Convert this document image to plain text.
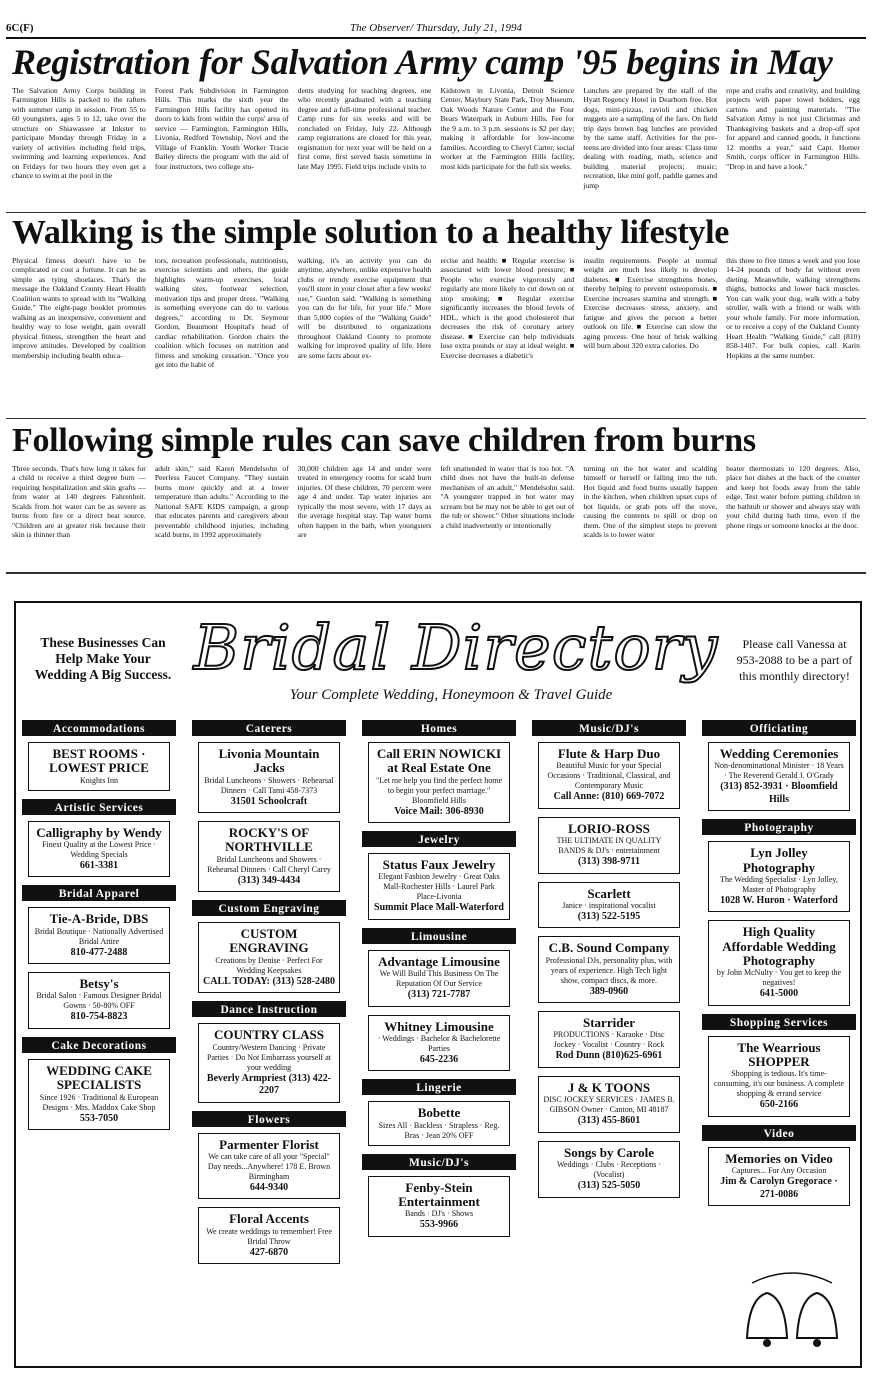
6C(F)	The Observer/ Thursday, July 21, 1994
Registration for Salvation Army camp '95 begins in May

The Salvation Army Corps building in Farmington Hills is packed to the rafters with summer camp in session. From 55 to 60 youngsters, ages 5 to 12, take over the structure on Shiawassee at Inkster to participate Monday through Friday in a variety of activities including field trips, swimming and learning experiences. And on Fridays for two hours they even get a chance to swim at the pool in the

Forest Park Subdivision in Farmington Hills. This marks the sixth year the Farmington Hills facility has opened its doors to kids from within the corps' area of service — Farmington, Farmington Hills, Livonia, Redford Township, Novi and the Village of Franklin. Youth Worker Tracie Bailey directs the program with the aid of four instructors, two college stu-

dents studying for teaching degrees, one who recently graduated with a teaching degree and a full-time professional teacher. Camp runs for six weeks and will be concluded on Friday, July 22. Although camp registrations are closed for this year, registration for next year will be held on a first come, first served basis sometime in late May 1995. Field trips include visits to

Kidstown in Livonia, Detroit Science Center, Maybury State Park, Troy Museum, Oak Woods Nature Center and the Four Bears Waterpark in Auburn Hills. Fee for the 9 a.m. to 3 p.m. sessions is $2 per day; making it affordable for low-income families. According to Cheryl Carter, social worker at the Farmington Hills facility, most kids participate for the full six weeks.

Lunches are prepared by the staff of the Hyatt Regency Hotel in Dearborn free. Hot dogs, mini-pizzas, ravioli and chicken nuggets are a sampling of the fare. On field trip days brown bag lunches are provided by the same staff. Activities for the pre-teens are divided into four areas: Class time dealing with reading, math, science and building material projects; music; recreation, like mini golf, paddle games and jump

rope and crafts and creativity, and building projects with paper towel holders, egg cartons and painting materials. "The Salvation Army is not just Christmas and Thanksgiving baskets and a drop-off spot for apparel and canned goods, it functions 12 months a year," said Capt. Homer Smith, corps officer in Farmington Hills. "Drop in and have a look."

Walking is the simple solution to a healthy lifestyle

Physical fitness doesn't have to be complicated or cost a fortune. It can be as simple as tying shoelaces. That's the message the Oakland County Heart Health Coalition wants to spread with its "Walking Guide." The eight-page booklet promotes walking as an inexpensive, convenient and healthy way to lose weight, gain overall physical fitness, strengthen the heart and improve attitudes. Developed by coalition membership including health educa-

tors, recreation professionals, nutritionists, exercise scientists and others, the guide highlights warm-up exercises, local walking sites, footwear selection, motivation tips and proper dress. "Walking is something everyone can do to various degrees," according to Dr. Seymour Gordon, Beaumont Hospital's head of cardiac rehabilitation. Gordon chairs the coalition which focuses on nutrition and fitness and smoking cessation. "Once you get into the habit of

walking, it's an activity you can do anytime, anywhere, unlike expensive health clubs or trendy exercise equipment that you'll store in your closet after a few weeks' use," Gordon said. "Walking is something you can do for life, for your life." More than 5,000 copies of the "Walking Guide" will be distributed to organizations throughout Oakland County to promote walking for improved quality of life. Here are some facts about ex-

ercise and health: ■ Regular exercise is associated with lower blood pressure; ■ People who exercise vigorously and regularly are more likely to cut down on or stop smoking; ■ Regular exercise significantly increases the blood levels of HDL, which is the good cholesterol that decreases the risk of coronary artery disease. ■ Exercise can help individuals lose extra pounds or stay at ideal weight. ■ Exercise decreases a diabetic's

insulin requirements. People at normal weight are much less likely to develop diabetes. ■ Exercise strengthens bones, thereby helping to prevent osteoporosis. ■ Exercise increases stamina and strength. ■ Exercise decreases stress, anxiety, and fatigue and gives the person a better outlook on life. ■ Exercise can slow the aging process. One hour of brisk walking will burn about 320 extra calories. Do

this three to five times a week and you lose 14-24 pounds of body fat without even dieting. Meanwhile, walking strengthens thighs, buttocks and lower back muscles. You can walk your dog, walk with a baby stroller, walk with a friend or walk with your whole family. For more information, or to receive a copy of the Oakland County Heart Health "Walking Guide," call (810) 858-1407. For bulk copies, call Karin Hopkins at the same number.

Following simple rules can save children from burns

Three seconds. That's how long it takes for a child to receive a third degree burn — requiring hospitalization and skin grafts — from water at 140 degrees Fahrenheit. Scalds from hot water can be as severe as burns from fire or a direct heat source. "Children are at greater risk because their skin is thinner than

adult skin," said Karen Mendelsohn of Peerless Faucet Company. "They sustain burns more quickly and at a lower temperature than adults." According to the National SAFE KIDS campaign, a group that educates parents and caregivers about preventable childhood injuries, including scald burns, in 1992 approximately

30,000 children age 14 and under were treated in emergency rooms for scald burn injuries. Of these children, 70 percent were age 4 and under. Tap water injuries are typically the most severe, with 17 days as the average hospital stay. Tap water burns often happen in the bath, when youngsters are

left unattended in water that is too hot. "A child does not have the built-in defense mechanism of an adult," Mendelsohn said. "A youngster trapped in hot water may scream but he may not be able to get out of the tub or shower." Other situations include a child inadvertently or intentionally

turning on the hot water and scalding himself or herself or falling into the tub. Hot liquid and food burns usually happen in the kitchen, when children upset cups of hot liquids, or grab pots off the stove, causing the contents to spill or drop on them. One of the simplest steps to prevent scalds is to lower water

heater thermostats to 120 degrees. Also, place hot dishes at the back of the counter and keep hot foods away from the table edge. Test water before putting children in the bathtub or shower and always stay with your child during bath time, even if the phone rings or someone knocks at the door.

These Businesses Can Help Make Your Wedding A Big Success. Bridal Directory
Your Complete Wedding, Honeymoon & Travel Guide
Please call Vanessa at 953-2088 to be a part of this monthly directory!
Accommodations
BEST ROOMS · LOWEST PRICE
Knights Inn
Artistic Services
Calligraphy by Wendy
Finest Quality at the Lowest Price · Wedding Specials
661-3381
Bridal Apparel
Tie-A-Bride, DBS
Bridal Boutique · Nationally Advertised Bridal Attire
810-477-2488
Betsy's
Bridal Salon · Famous Designer Bridal Gowns · 50-80% OFF
810-754-8823
Cake Decorations
WEDDING CAKE SPECIALISTS
Since 1926 · Traditional & European Designs · Mrs. Maddox Cake Shop
553-7050
Caterers
Livonia Mountain Jacks
Bridal Luncheons · Showers · Rehearsal Dinners · Call Tami 458-7373
31501 Schoolcraft
ROCKY'S OF NORTHVILLE
Bridal Luncheons and Showers · Rehearsal Dinners · Call Cheryl Carey
(313) 349-4434
Custom Engraving
CUSTOM ENGRAVING
Creations by Denise · Perfect For Wedding Keepsakes
CALL TODAY: (313) 528-2480
Dance Instruction
COUNTRY CLASS
Country/Western Dancing · Private Parties · Do Not Embarrass yourself at your wedding
Beverly Armpriest (313) 422-2207
Flowers
Parmenter Florist
We can take care of all your "Special" Day needs...Anywhere! 178 E. Brown Birmingham
644-9340
Floral Accents
We create weddings to remember! Free Bridal Throw
427-6870
Homes
Call ERIN NOWICKI at Real Estate One
"Let me help you find the perfect home to begin your perfect marriage." Bloomfield Hills
Voice Mail: 306-8930
Jewelry
Status Faux Jewelry
Elegant Fashion Jewelry · Great Oaks Mall-Rochester Hills · Laurel Park Place-Livonia
Summit Place Mall-Waterford
Limousine
Advantage Limousine
We Will Build This Business On The Reputation Of Our Service
(313) 721-7787
Whitney Limousine
· Weddings · Bachelor & Bachelorette Parties
645-2236
Lingerie
Bobette
Sizes All · Backless · Strapless · Reg. Bras · Jean 20% OFF
Music/DJ's
Fenby-Stein Entertainment
Bands · DJ's · Shows
553-9966
Music/DJ's
Flute & Harp Duo
Beautiful Music for your Special Occasions · Traditional, Classical, and Contemporary Music
Call Anne: (810) 669-7072
LORIO-ROSS
THE ULTIMATE IN QUALITY BANDS & DJ's · entertainment
(313) 398-9711
Scarlett
Janice · inspirational vocalist
(313) 522-5195
C.B. Sound Company
Professional DJs, personality plus, with years of experience. High Tech light show, compact discs, & more.
389-0960
Starrider
PRODUCTIONS · Karaoke · Disc Jockey · Vocalist · Country · Rock
Rod Dunn (810)625-6961
J & K TOONS
DISC JOCKEY SERVICES · JAMES B. GIBSON Owner · Canton, MI 48187
(313) 455-8601
Songs by Carole
Weddings · Clubs · Receptions · (Vocalist)
(313) 525-5050
Officiating
Wedding Ceremonies
Non-denominational Minister · 18 Years · The Reverend Gerald J. O'Grady
(313) 852-3931 · Bloomfield Hills
Photography
Lyn Jolley Photography
The Wedding Specialist · Lyn Jolley, Master of Photography
1028 W. Huron · Waterford
High Quality Affordable Wedding Photography
by John McNulty · You get to keep the negatives!
641-5000
Shopping Services
The Wearrious SHOPPER
Shopping is tedious. It's time-consuming, it's our business. A complete shopping & errand service
650-2166
Video
Memories on Video
Captures... For Any Occasion
Jim & Carolyn Gregorace · 271-0086
